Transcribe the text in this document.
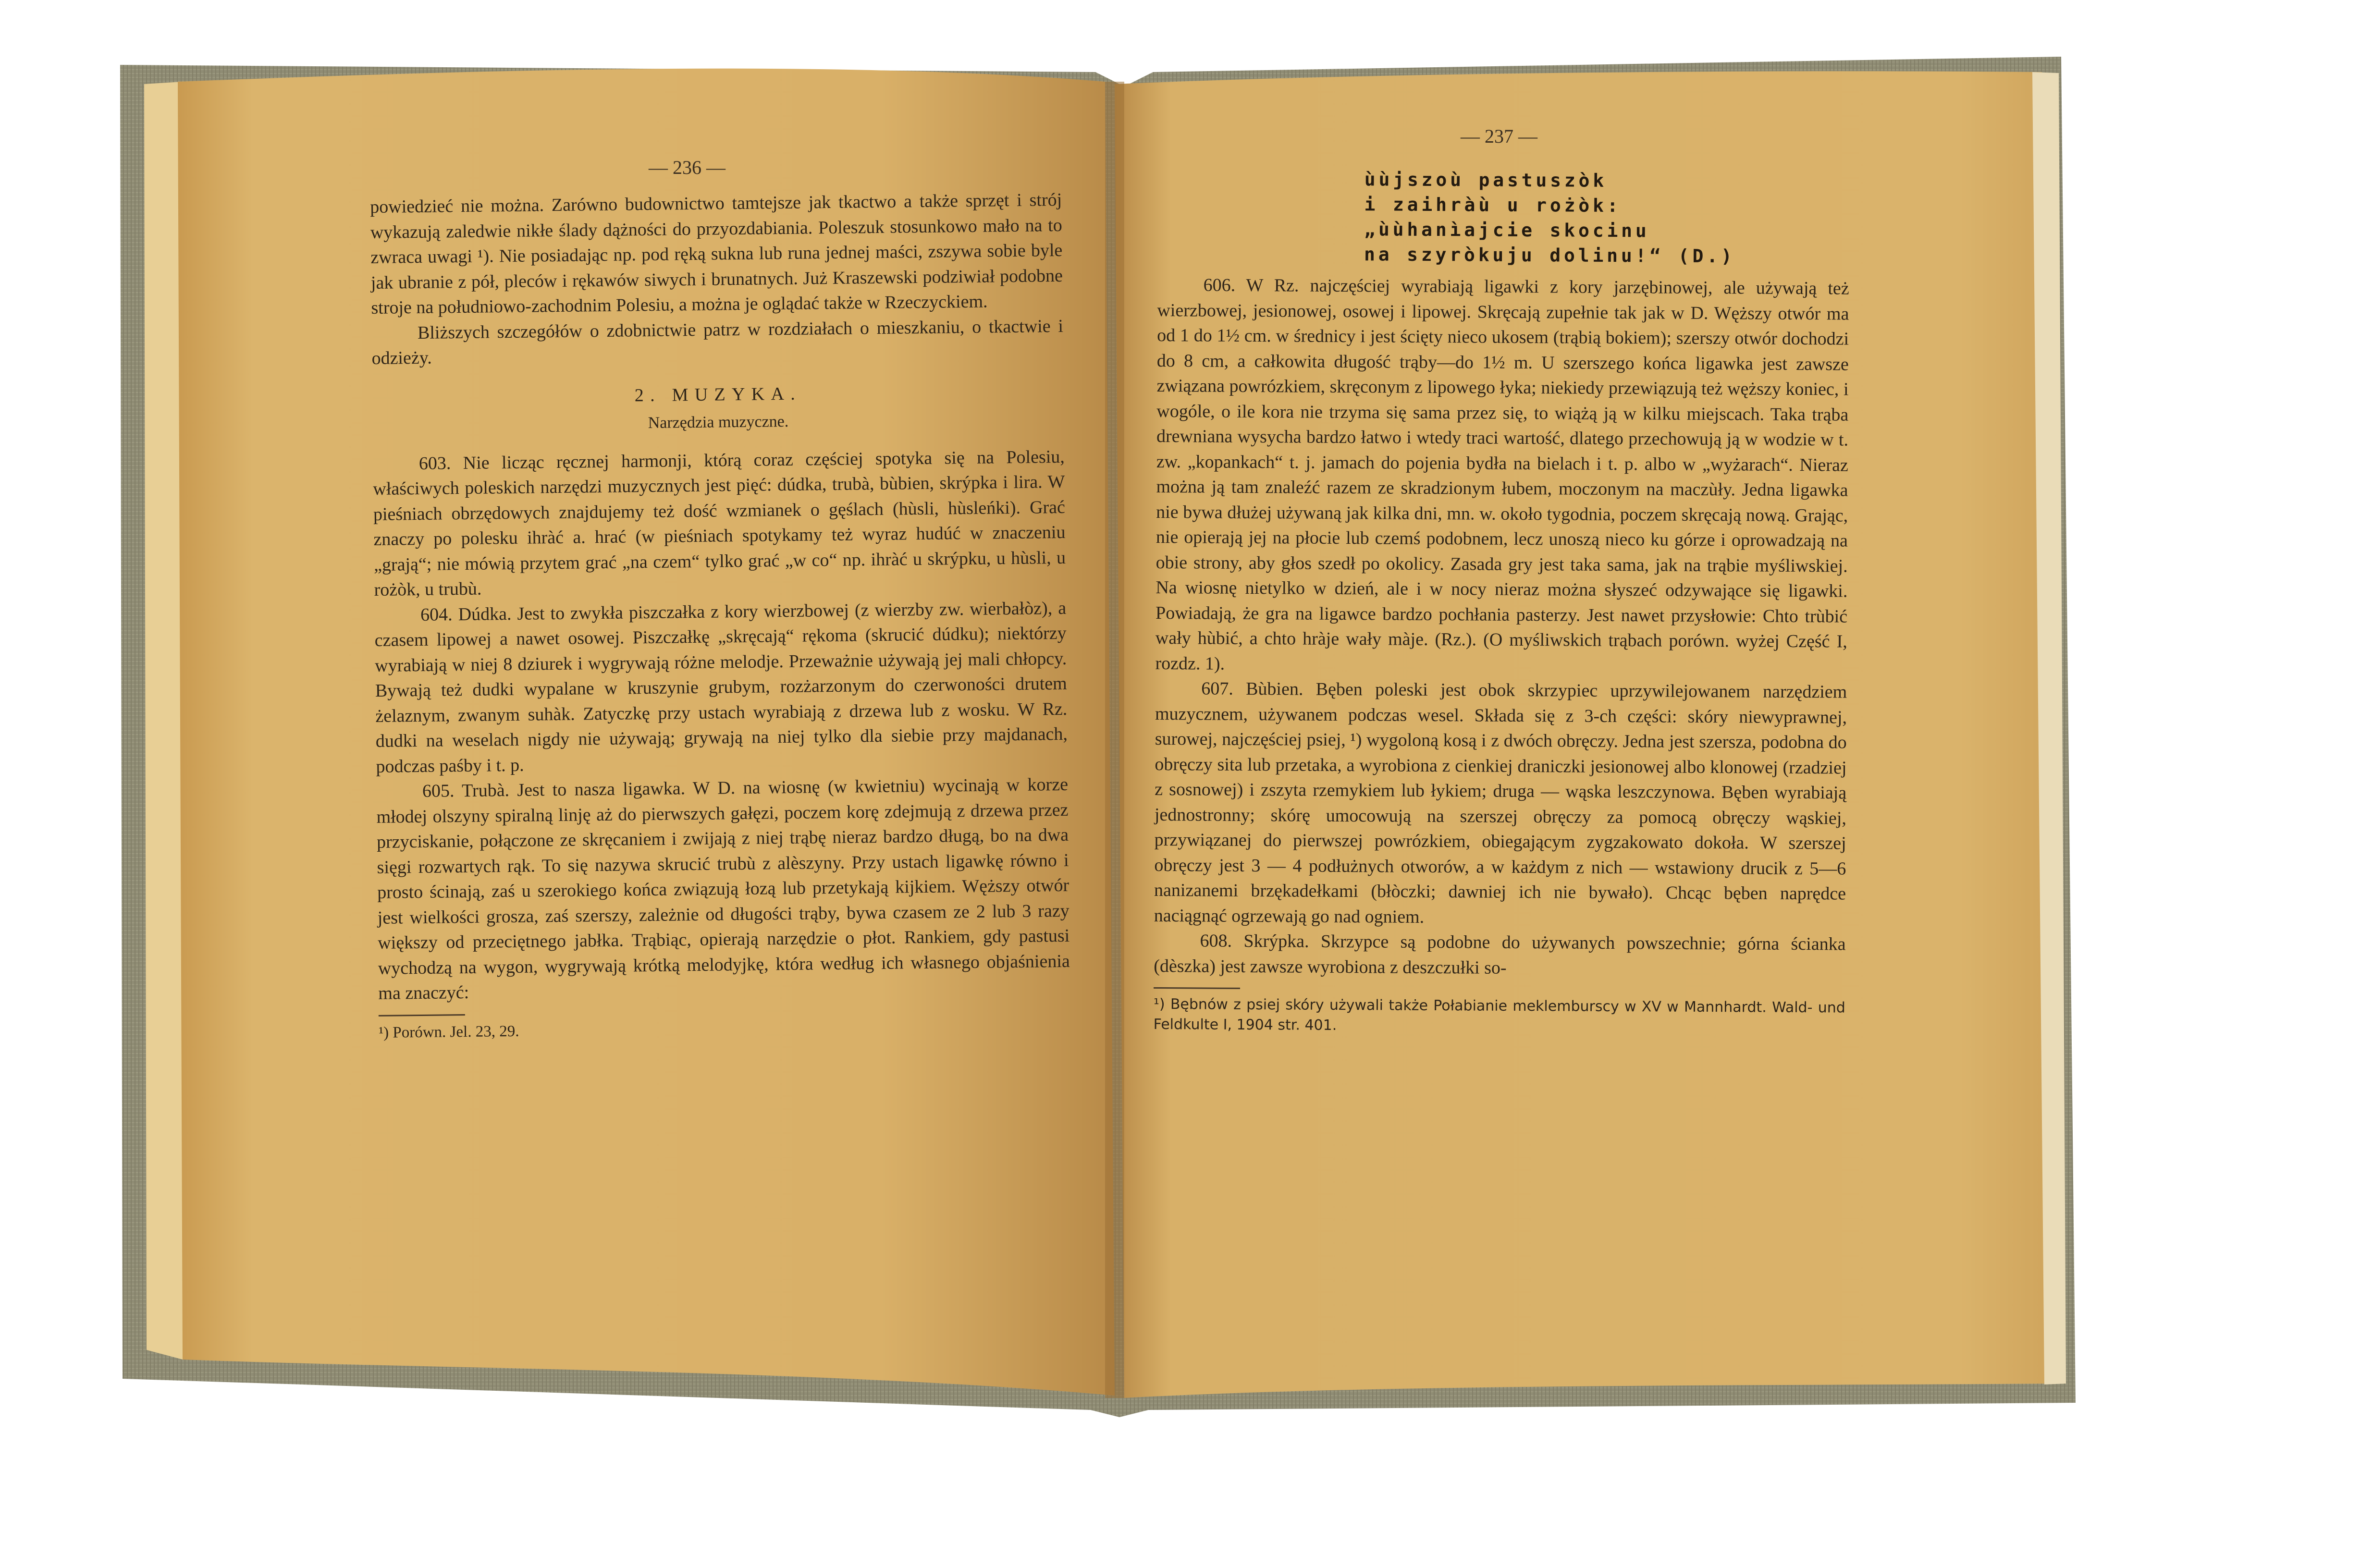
— 236 —

powiedzieć nie można. Zarówno budownictwo tamtejsze jak tkactwo a także sprzęt i strój wykazują zaledwie nikłe ślady dążności do przyozdabiania. Poleszuk stosunkowo mało na to zwraca uwagi ¹). Nie posiadając np. pod ręką sukna lub runa jednej maści, zszywa sobie byle jak ubranie z pół, pleców i rękawów siwych i brunatnych. Już Kraszewski podziwiał podobne stroje na południowo-zachodnim Polesiu, a można je oglądać także w Rzeczyckiem.

Bliższych szczegółów o zdobnictwie patrz w rozdziałach o mieszkaniu, o tkactwie i odzieży.

2. MUZYKA.

Narzędzia muzyczne.

603. Nie licząc ręcznej harmonji, którą coraz częściej spotyka się na Polesiu, właściwych poleskich narzędzi muzycznych jest pięć: dúdka, trubà, bùbien, skrýpka i lira. W pieśniach obrzędowych znajdujemy też dość wzmianek o gęślach (hùsli, hùsleńki). Grać znaczy po polesku ihràć a. hrać (w pieśniach spotykamy też wyraz hudúć w znaczeniu „grają“; nie mówią przytem grać „na czem“ tylko grać „w co“ np. ihràć u skrýpku, u hùsli, u rożòk, u trubù.

604. Dúdka. Jest to zwykła piszczałka z kory wierzbowej (z wierzby zw. wierbałòz), a czasem lipowej a nawet osowej. Piszczałkę „skręcają“ rękoma (skrucić dúdku); niektórzy wyrabiają w niej 8 dziurek i wygrywają różne melodje. Przeważnie używają jej mali chłopcy. Bywają też dudki wypalane w kruszynie grubym, rozżarzonym do czerwoności drutem żelaznym, zwanym suhàk. Zatyczkę przy ustach wyrabiają z drzewa lub z wosku. W Rz. dudki na weselach nigdy nie używają; grywają na niej tylko dla siebie przy majdanach, podczas paśby i t. p.

605. Trubà. Jest to nasza ligawka. W D. na wiosnę (w kwietniu) wycinają w korze młodej olszyny spiralną linję aż do pierwszych gałęzi, poczem korę zdejmują z drzewa przez przyciskanie, połączone ze skręcaniem i zwijają z niej trąbę nieraz bardzo długą, bo na dwa sięgi rozwartych rąk. To się nazywa skrucić trubù z alèszyny. Przy ustach ligawkę równo i prosto ścinają, zaś u szerokiego końca związują łozą lub przetykają kijkiem. Węższy otwór jest wielkości grosza, zaś szerszy, zależnie od długości trąby, bywa czasem ze 2 lub 3 razy większy od przeciętnego jabłka. Trąbiąc, opierają narzędzie o płot. Rankiem, gdy pastusi wychodzą na wygon, wygrywają krótką melodyjkę, która według ich własnego objaśnienia ma znaczyć:

¹) Porówn. Jel. 23, 29.

— 237 —
ùùjszoù pastuszòk
i zaihràù u rożòk:
„ùùhanìajcie skocinu
na szyròkuju dolinu!“ (D.)

606. W Rz. najczęściej wyrabiają ligawki z kory jarzębinowej, ale używają też wierzbowej, jesionowej, osowej i lipowej. Skręcają zupełnie tak jak w D. Węższy otwór ma od 1 do 1½ cm. w średnicy i jest ścięty nieco ukosem (trąbią bokiem); szerszy otwór dochodzi do 8 cm, a całkowita długość trąby—do 1½ m. U szerszego końca ligawka jest zawsze związana powrózkiem, skręconym z lipowego łyka; niekiedy przewiązują też węższy koniec, i wogóle, o ile kora nie trzyma się sama przez się, to wiążą ją w kilku miejscach. Taka trąba drewniana wysycha bardzo łatwo i wtedy traci wartość, dlatego przechowują ją w wodzie w t. zw. „kopankach“ t. j. jamach do pojenia bydła na bielach i t. p. albo w „wyżarach“. Nieraz można ją tam znaleźć razem ze skradzionym łubem, moczonym na maczùły. Jedna ligawka nie bywa dłużej używaną jak kilka dni, mn. w. około tygodnia, poczem skręcają nową. Grając, nie opierają jej na płocie lub czemś podobnem, lecz unoszą nieco ku górze i oprowadzają na obie strony, aby głos szedł po okolicy. Zasada gry jest taka sama, jak na trąbie myśliwskiej. Na wiosnę nietylko w dzień, ale i w nocy nieraz można słyszeć odzywające się ligawki. Powiadają, że gra na ligawce bardzo pochłania pasterzy. Jest nawet przysłowie: Chto trùbić wały hùbić, a chto hràje wały màje. (Rz.). (O myśliwskich trąbach porówn. wyżej Część I, rozdz. 1).

607. Bùbien. Bęben poleski jest obok skrzypiec uprzywilejowanem narzędziem muzycznem, używanem podczas wesel. Składa się z 3-ch części: skóry niewyprawnej, surowej, najczęściej psiej, ¹) wygoloną kosą i z dwóch obręczy. Jedna jest szersza, podobna do obręczy sita lub przetaka, a wyrobiona z cienkiej draniczki jesionowej albo klonowej (rzadziej z sosnowej) i zszyta rzemykiem lub łykiem; druga — wąska leszczynowa. Bęben wyrabiają jednostronny; skórę umocowują na szerszej obręczy za pomocą obręczy wąskiej, przywiązanej do pierwszej powrózkiem, obiegającym zygzakowato dokoła. W szerszej obręczy jest 3 — 4 podłużnych otworów, a w każdym z nich — wstawiony drucik z 5—6 nanizanemi brzękadełkami (błòczki; dawniej ich nie bywało). Chcąc bęben naprędce naciągnąć ogrzewają go nad ogniem.

608. Skrýpka. Skrzypce są podobne do używanych powszechnie; górna ścianka (dèszka) jest zawsze wyrobiona z deszczułki so-

¹) Bębnów z psiej skóry używali także Połabianie meklemburscy w XV w Mannhardt. Wald- und Feldkulte I, 1904 str. 401.
